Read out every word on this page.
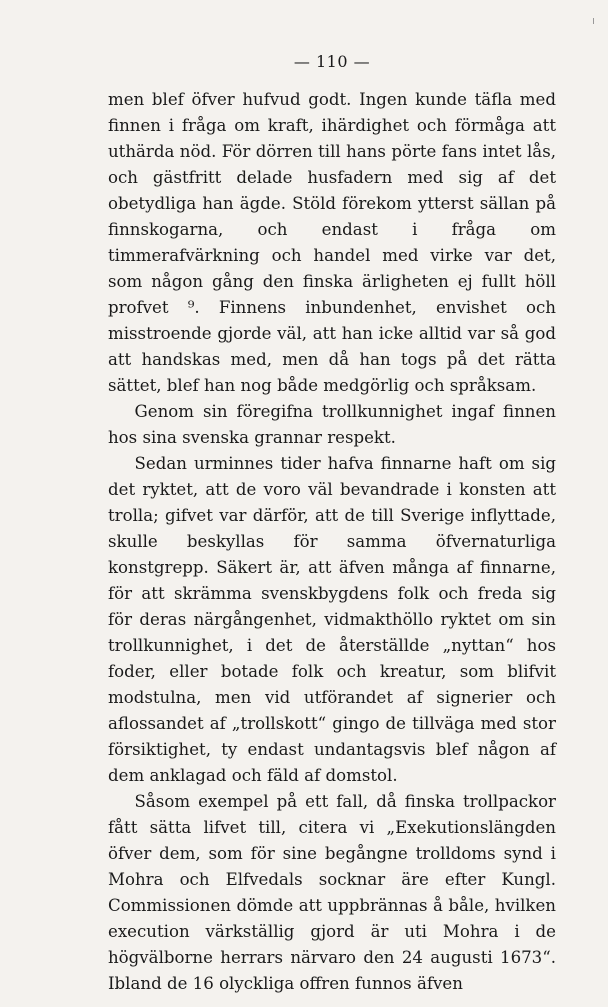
— 110 —

men blef öfver hufvud godt. Ingen kunde täfla med finnen i fråga om kraft, ihärdighet och förmåga att uthärda nöd. För dörren till hans pörte fans intet lås, och gästfritt delade husfadern med sig af det obetydliga han ägde. Stöld förekom ytterst sällan på finnskogarna, och endast i fråga om timmerafvärkning och handel med virke var det, som någon gång den finska ärligheten ej fullt höll profvet ⁹. Finnens inbundenhet, envishet och misstroende gjorde väl, att han icke alltid var så god att handskas med, men då han togs på det rätta sättet, blef han nog både medgörlig och språksam.

Genom sin föregifna trollkunnighet ingaf finnen hos sina svenska grannar respekt.

Sedan urminnes tider hafva finnarne haft om sig det ryktet, att de voro väl bevandrade i konsten att trolla; gifvet var därför, att de till Sverige inflyttade, skulle beskyllas för samma öfvernaturliga konstgrepp. Säkert är, att äfven många af finnarne, för att skrämma svenskbygdens folk och freda sig för deras närgångenhet, vidmakthöllo ryktet om sin trollkunnighet, i det de återställde „nyttan“ hos foder, eller botade folk och kreatur, som blifvit modstulna, men vid utförandet af signerier och aflossandet af „trollskott“ gingo de tillväga med stor försiktighet, ty endast undantagsvis blef någon af dem anklagad och fäld af domstol.

Såsom exempel på ett fall, då finska trollpackor fått sätta lifvet till, citera vi „Exekutionslängden öfver dem, som för sine begångne trolldoms synd i Mohra och Elfvedals socknar äre efter Kungl. Commissionen dömde att uppbrännas å båle, hvilken execution värkställig gjord är uti Mohra i de högvälborne herrars närvaro den 24 augusti 1673“. Ibland de 16 olyckliga offren funnos äfven
